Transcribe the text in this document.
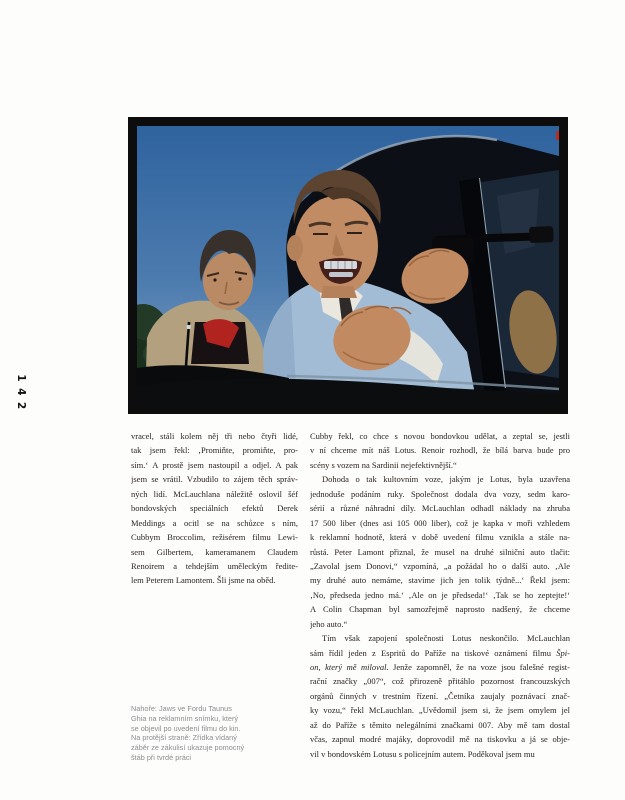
142
vracel, stáli kolem něj tři nebo čtyři lidé,
tak jsem řekl: ‚Promiňte, promiňte, pro-
sím.‘ A prostě jsem nastoupil a odjel. A pak
jsem se vrátil. Vzbudilo to zájem těch správ-
ných lidí. McLauchlana náležitě oslovil šéf
bondovských speciálních efektů Derek
Meddings a ocitl se na schůzce s ním,
Cubbym Broccolim, režisérem filmu Lewi-
sem Gilbertem, kameramanem Claudem
Renoirem a tehdejším uměleckým ředite-
lem Peterem Lamontem. Šli jsme na oběd.
Cubby řekl, co chce s novou bondovkou udělat, a zeptal se, jestli
v ní chceme mít náš Lotus. Renoir rozhodl, že bílá barva bude pro
scény s vozem na Sardinii nejefektivnější.“
Dohoda o tak kultovním voze, jakým je Lotus, byla uzavřena
jednoduše podáním ruky. Společnost dodala dva vozy, sedm karo-
sérií a různé náhradní díly. McLauchlan odhadl náklady na zhruba
17 500 liber (dnes asi 105 000 liber), což je kapka v moři vzhledem
k reklamní hodnotě, která v době uvedení filmu vznikla a stále na-
růstá. Peter Lamont přiznal, že musel na druhé silniční auto tlačit:
„Zavolal jsem Donovi,“ vzpomíná, „a požádal ho o další auto. ‚Ale
my druhé auto nemáme, stavíme jich jen tolik týdně...‘ Řekl jsem:
‚No, předseda jedno má.‘ ‚Ale on je předseda!‘ ‚Tak se ho zeptejte!‘
A Colin Chapman byl samozřejmě naprosto nadšený, že chceme
jeho auto.“
Tím však zapojení společnosti Lotus neskončilo. McLauchlan
sám řídil jeden z Espritů do Paříže na tiskové oznámení filmu Špi-
on, který mě miloval. Jenže zapomněl, že na voze jsou falešné regist-
rační značky „007“, což přirozeně přitáhlo pozornost francouzských
orgánů činných v trestním řízení. „Četníka zaujaly poznávací znač-
ky vozu,“ řekl McLauchlan. „Uvědomil jsem si, že jsem omylem jel
až do Paříže s těmito nelegálními značkami 007. Aby mě tam dostal
včas, zapnul modré majáky, doprovodil mě na tiskovku a já se obje-
vil v bondovském Lotusu s policejním autem. Poděkoval jsem mu
Nahoře: Jaws ve Fordu Taunus
Ghia na reklamním snímku, který
se objevil po uvedení filmu do kin.
Na protější straně: Zřídka vídaný
záběr ze zákulisí ukazuje pomocný
štáb při tvrdé práci
